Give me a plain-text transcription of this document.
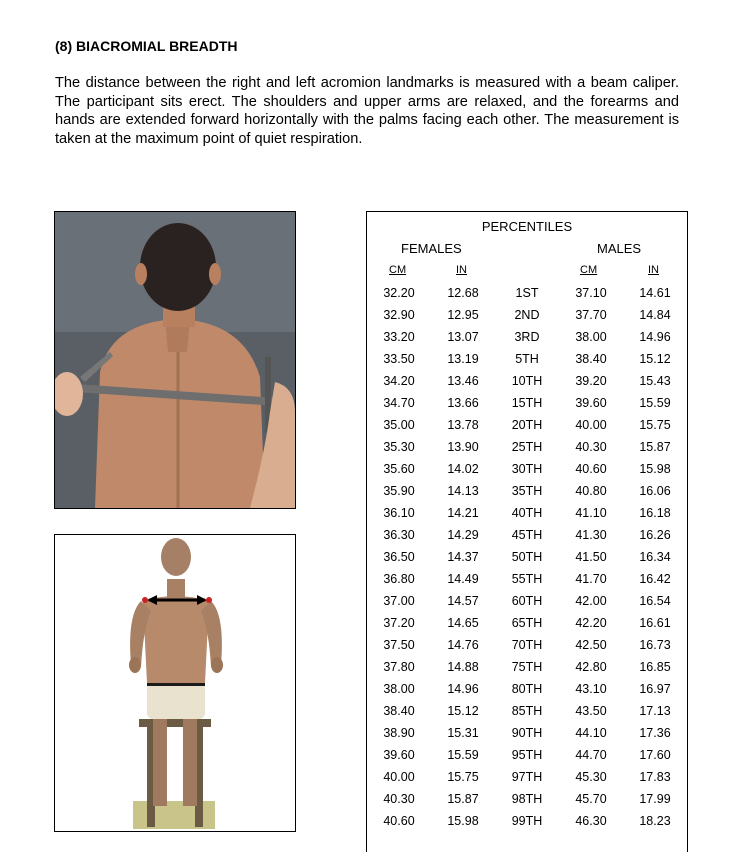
(8) BIACROMIAL BREADTH
The distance between the right and left acromion landmarks is measured with a beam caliper. The participant sits erect. The shoulders and upper arms are relaxed, and the forearms and hands are extended forward horizontally with the palms facing each other. The measurement is taken at the maximum point of quiet respiration.
PERCENTILES
FEMALES	MALES
CM	IN	CM	IN
32.20	12.68	1ST	37.10	14.61
32.90	12.95	2ND	37.70	14.84
33.20	13.07	3RD	38.00	14.96
33.50	13.19	5TH	38.40	15.12
34.20	13.46	10TH	39.20	15.43
34.70	13.66	15TH	39.60	15.59
35.00	13.78	20TH	40.00	15.75
35.30	13.90	25TH	40.30	15.87
35.60	14.02	30TH	40.60	15.98
35.90	14.13	35TH	40.80	16.06
36.10	14.21	40TH	41.10	16.18
36.30	14.29	45TH	41.30	16.26
36.50	14.37	50TH	41.50	16.34
36.80	14.49	55TH	41.70	16.42
37.00	14.57	60TH	42.00	16.54
37.20	14.65	65TH	42.20	16.61
37.50	14.76	70TH	42.50	16.73
37.80	14.88	75TH	42.80	16.85
38.00	14.96	80TH	43.10	16.97
38.40	15.12	85TH	43.50	17.13
38.90	15.31	90TH	44.10	17.36
39.60	15.59	95TH	44.70	17.60
40.00	15.75	97TH	45.30	17.83
40.30	15.87	98TH	45.70	17.99
40.60	15.98	99TH	46.30	18.23
